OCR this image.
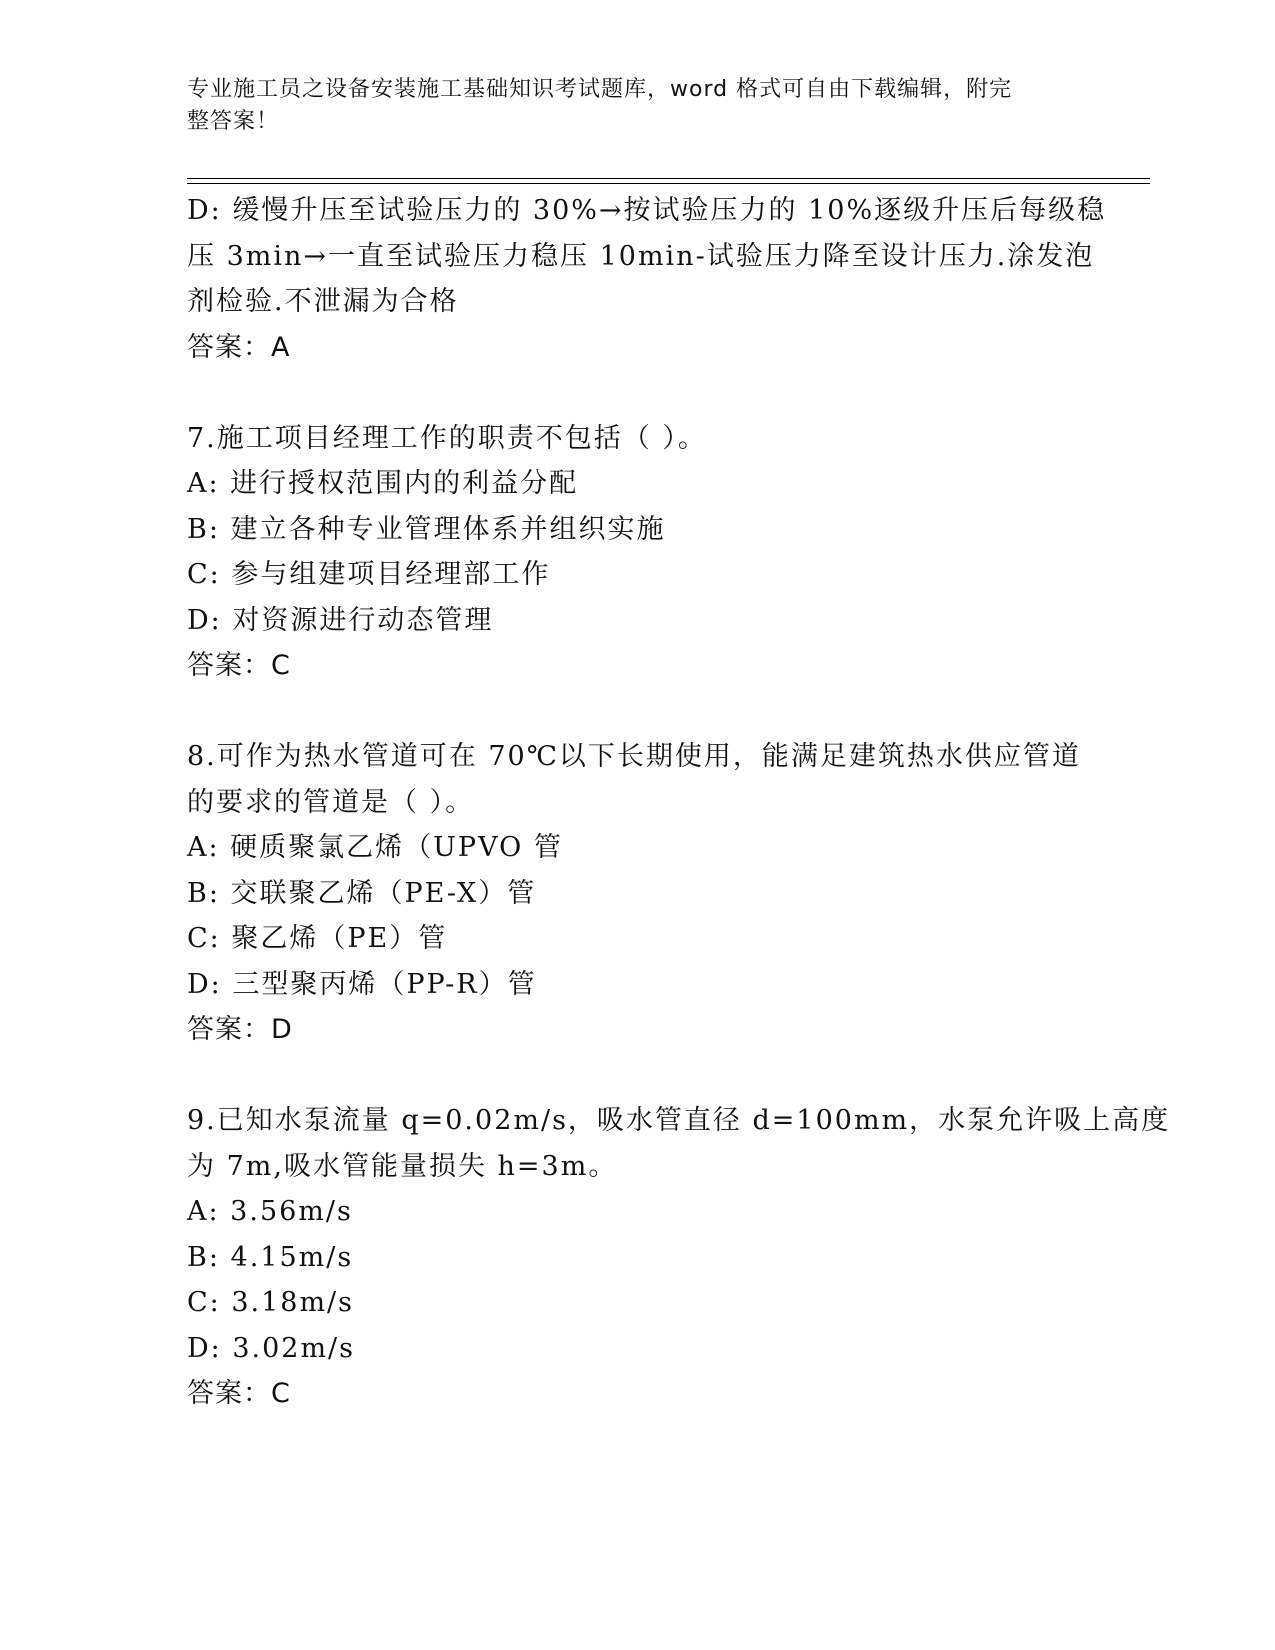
专业施工员之设备安装施工基础知识考试题库，word 格式可自由下载编辑，附完
整答案！
D: 缓慢升压至试验压力的 30%→按试验压力的 10%逐级升压后每级稳
压 3min→一直至试验压力稳压 10min-试验压力降至设计压力.涂发泡
剂检验.不泄漏为合格
答案：A
7.施工项目经理工作的职责不包括（ ）。
A: 进行授权范围内的利益分配
B: 建立各种专业管理体系并组织实施
C: 参与组建项目经理部工作
D: 对资源进行动态管理
答案：C
8.可作为热水管道可在 70℃以下长期使用，能满足建筑热水供应管道
的要求的管道是（ ）。
A: 硬质聚氯乙烯（UPVO 管
B: 交联聚乙烯（PE-X）管
C: 聚乙烯（PE）管
D: 三型聚丙烯（PP-R）管
答案：D
9.已知水泵流量 q=0.02m/s，吸水管直径 d=100mm，水泵允许吸上高度
为 7m,吸水管能量损失 h=3m。
A: 3.56m/s
B: 4.15m/s
C: 3.18m/s
D: 3.02m/s
答案：C
